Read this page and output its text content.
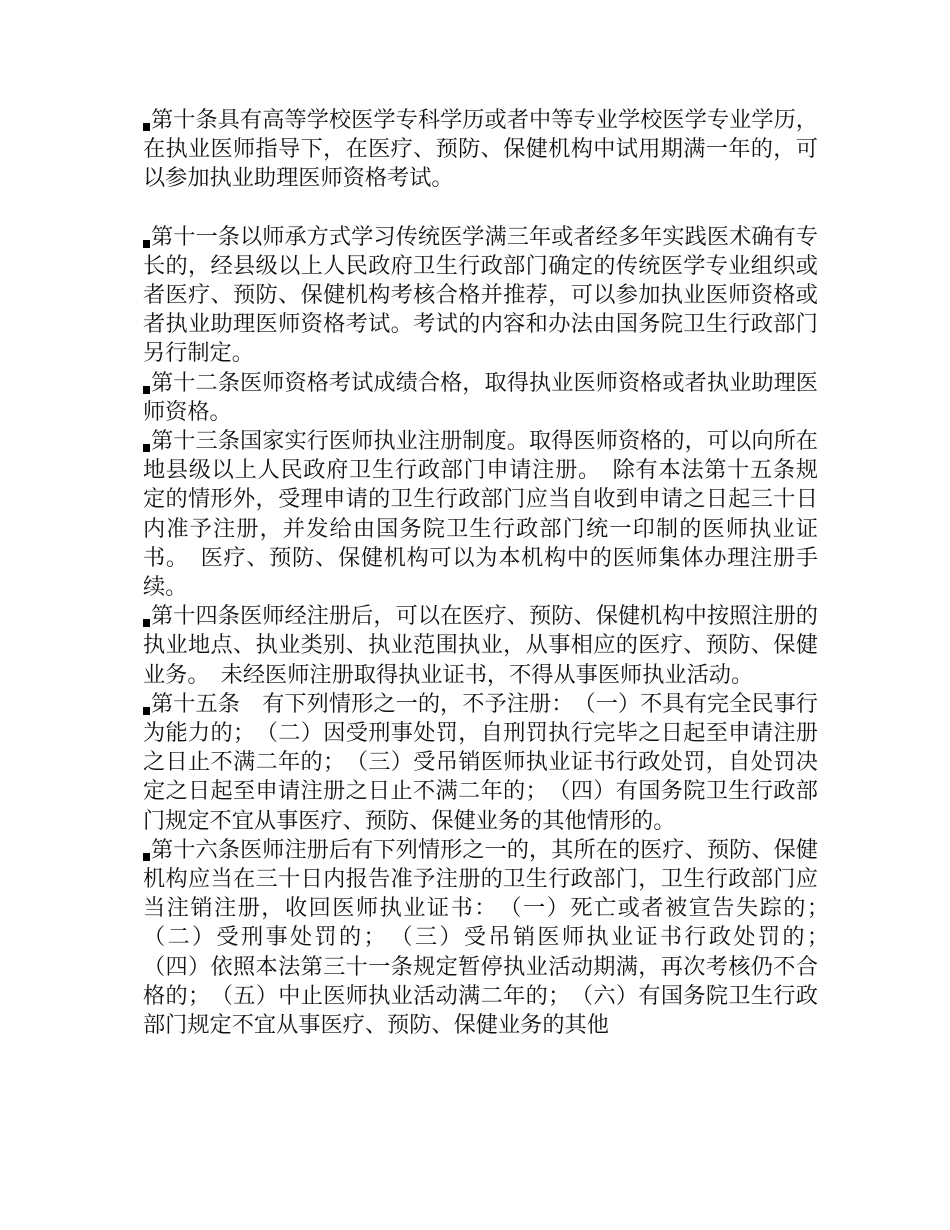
第十条具有高等学校医学专科学历或者中等专业学校医学专业学历，在执业医师指导下，在医疗、预防、保健机构中试用期满一年的，可以参加执业助理医师资格考试。

第十一条以师承方式学习传统医学满三年或者经多年实践医术确有专长的，经县级以上人民政府卫生行政部门确定的传统医学专业组织或者医疗、预防、保健机构考核合格并推荐，可以参加执业医师资格或者执业助理医师资格考试。考试的内容和办法由国务院卫生行政部门另行制定。

第十二条医师资格考试成绩合格，取得执业医师资格或者执业助理医师资格。

第十三条国家实行医师执业注册制度。取得医师资格的，可以向所在地县级以上人民政府卫生行政部门申请注册。　除有本法第十五条规定的情形外，受理申请的卫生行政部门应当自收到申请之日起三十日内准予注册，并发给由国务院卫生行政部门统一印制的医师执业证书。　医疗、预防、保健机构可以为本机构中的医师集体办理注册手续。

第十四条医师经注册后，可以在医疗、预防、保健机构中按照注册的执业地点、执业类别、执业范围执业，从事相应的医疗、预防、保健业务。　未经医师注册取得执业证书，不得从事医师执业活动。

第十五条　有下列情形之一的，不予注册：　（一）不具有完全民事行为能力的；　（二）因受刑事处罚，自刑罚执行完毕之日起至申请注册之日止不满二年的；　（三）受吊销医师执业证书行政处罚，自处罚决定之日起至申请注册之日止不满二年的；　（四）有国务院卫生行政部门规定不宜从事医疗、预防、保健业务的其他情形的。

第十六条医师注册后有下列情形之一的，其所在的医疗、预防、保健机构应当在三十日内报告准予注册的卫生行政部门，卫生行政部门应当注销注册，收回医师执业证书：　（一）死亡或者被宣告失踪的；　（二）受刑事处罚的；　（三）受吊销医师执业证书行政处罚的；　（四）依照本法第三十一条规定暂停执业活动期满，再次考核仍不合格的；　（五）中止医师执业活动满二年的；　（六）有国务院卫生行政部门规定不宜从事医疗、预防、保健业务的其他
